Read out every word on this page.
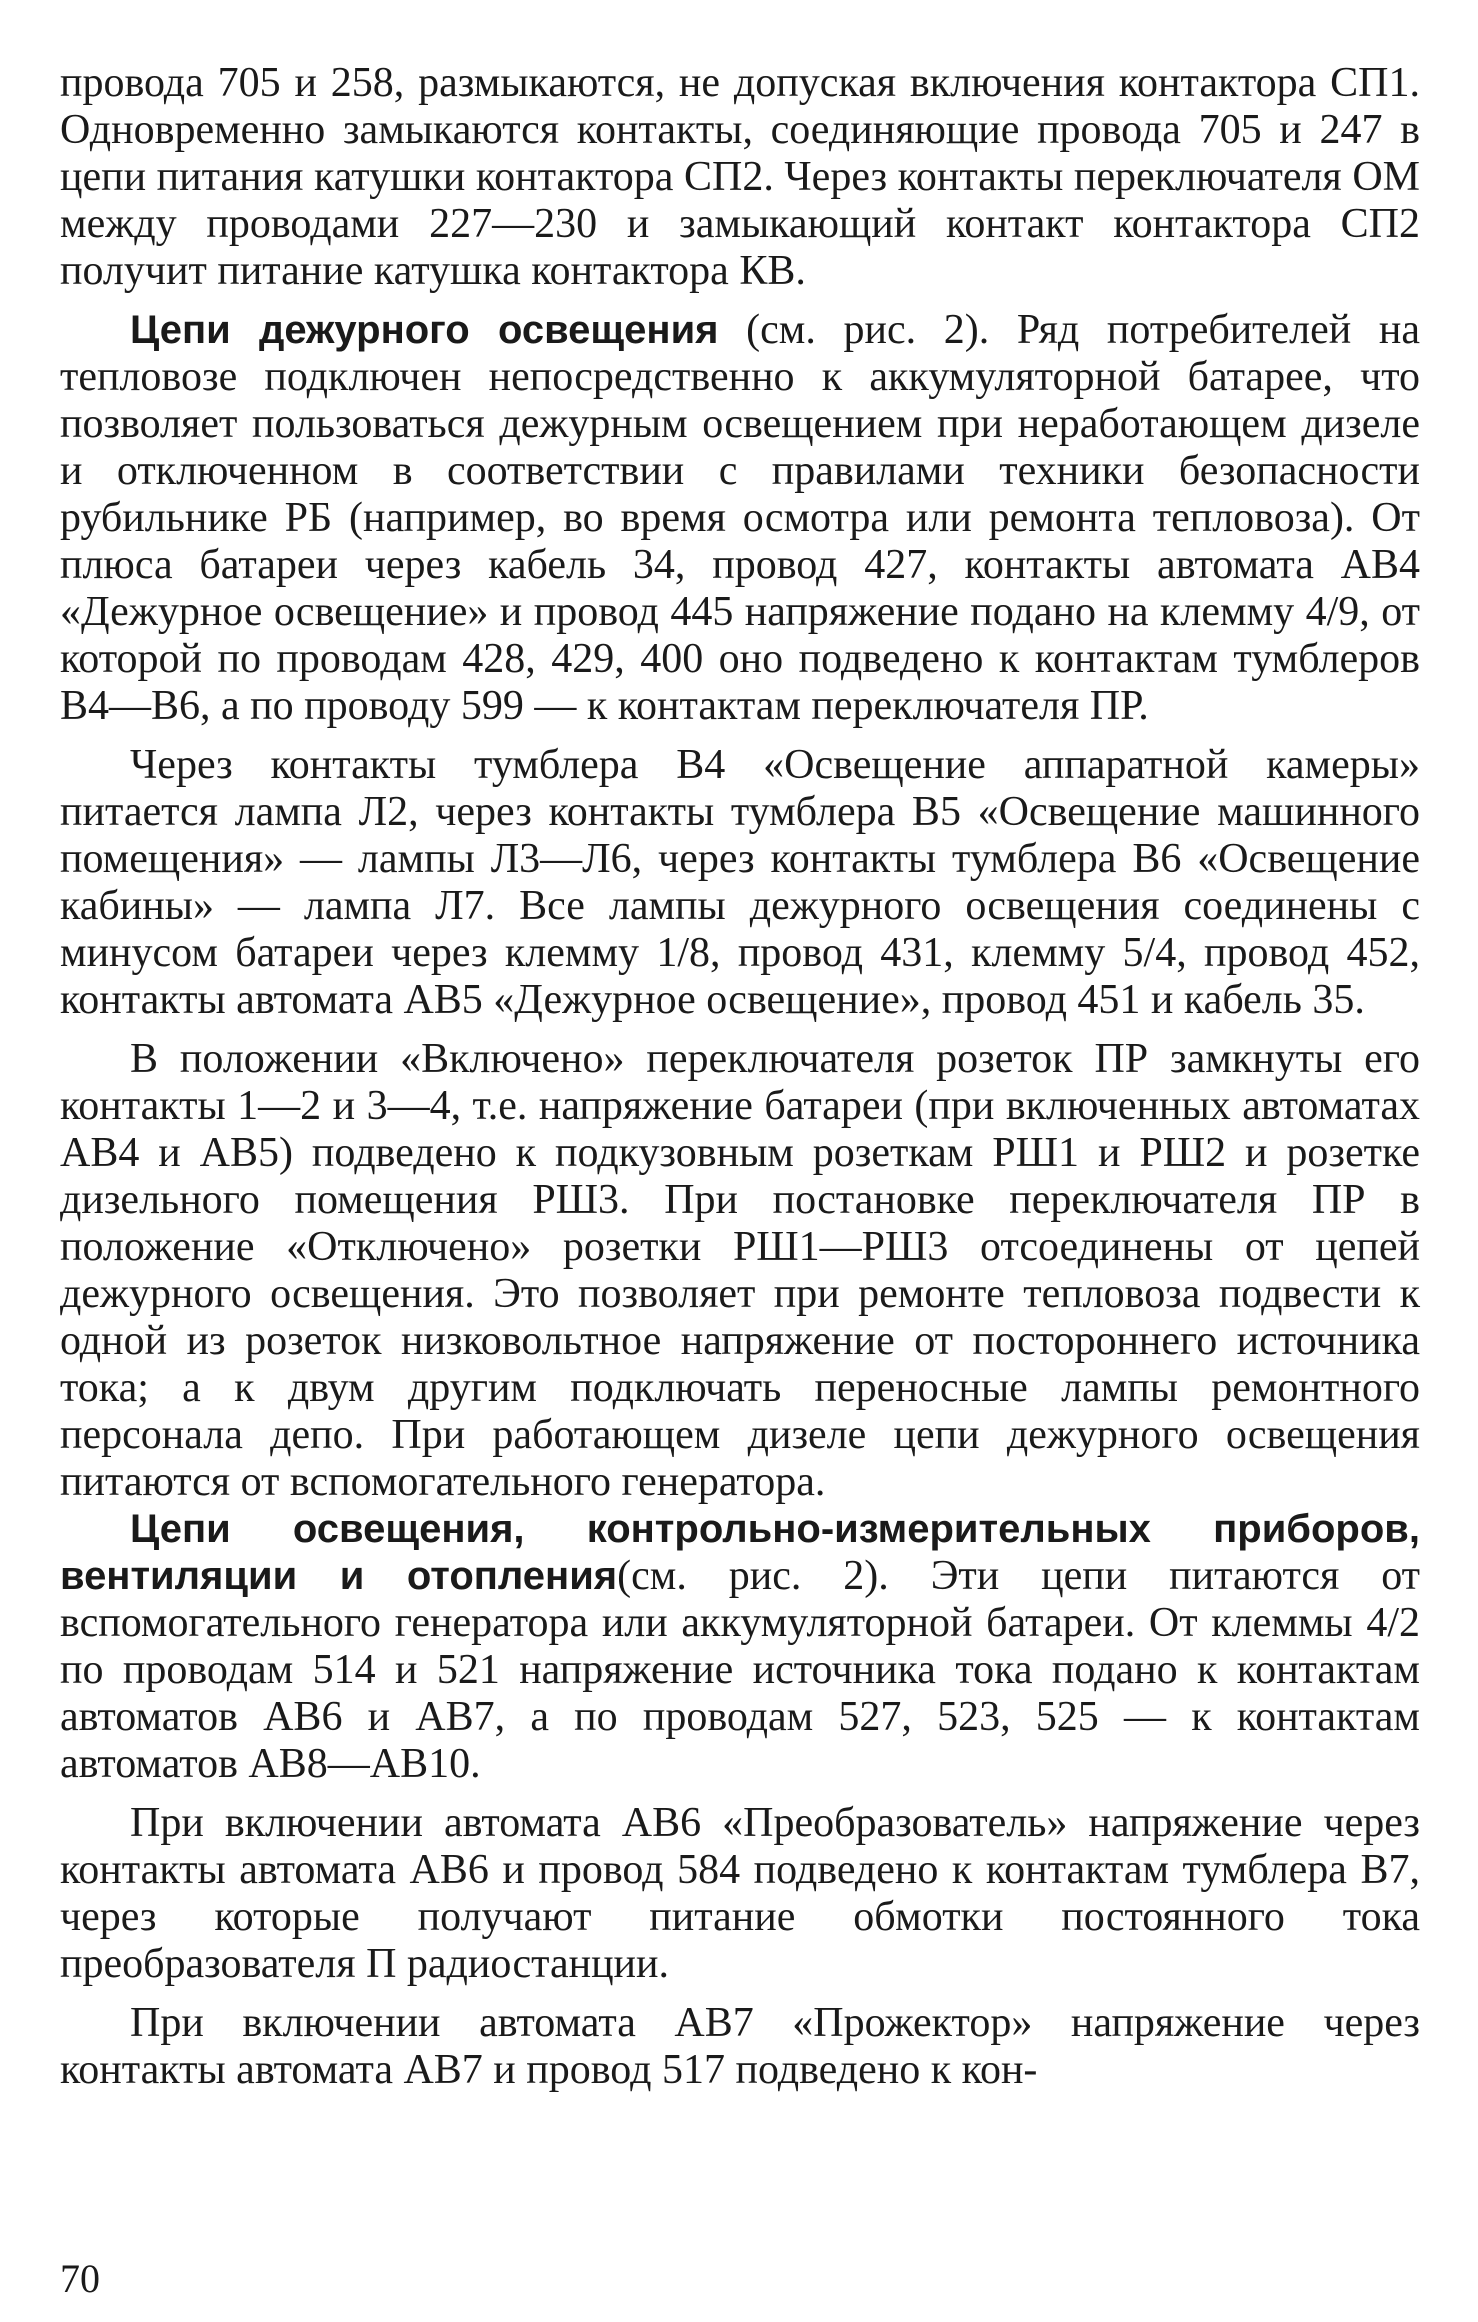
провода 705 и 258, размыкаются, не допуская включения контактора СП1. Одновременно замыкаются контакты, соединяющие провода 705 и 247 в цепи питания катушки контактора СП2. Через контакты переключателя ОМ между проводами 227—230 и замыкающий контакт контактора СП2 получит питание катушка контактора КВ.

Цепи дежурного освещения (см. рис. 2). Ряд потребителей на тепловозе подключен непосредственно к аккумуляторной батарее, что позволяет пользоваться дежурным освещением при неработающем дизеле и отключенном в соответствии с правилами техники безопасности рубильнике РБ (например, во время осмотра или ремонта тепловоза). От плюса батареи через кабель 34, провод 427, контакты автомата АВ4 «Дежурное освещение» и провод 445 напряжение подано на клемму 4/9, от которой по проводам 428, 429, 400 оно подведено к контактам тумблеров В4—В6, а по проводу 599 — к контактам переключателя ПР.

Через контакты тумблера В4 «Освещение аппаратной камеры» питается лампа Л2, через контакты тумблера В5 «Освещение машинного помещения» — лампы Л3—Л6, через контакты тумблера В6 «Освещение кабины» — лампа Л7. Все лампы дежурного освещения соединены с минусом батареи через клемму 1/8, провод 431, клемму 5/4, провод 452, контакты автомата АВ5 «Дежурное освещение», провод 451 и кабель 35.

В положении «Включено» переключателя розеток ПР замкнуты его контакты 1—2 и 3—4, т.е. напряжение батареи (при включенных автоматах АВ4 и АВ5) подведено к подкузовным розеткам РШ1 и РШ2 и розетке дизельного помещения РШ3. При постановке переключателя ПР в положение «Отключено» розетки РШ1—РШ3 отсоединены от цепей дежурного освещения. Это позволяет при ремонте тепловоза подвести к одной из розеток низковольтное напряжение от постороннего источника тока; а к двум другим подключать переносные лампы ремонтного персонала депо. При работающем дизеле цепи дежурного освещения питаются от вспомогательного генератора.

Цепи освещения, контрольно-измерительных приборов, вентиляции и отопления(см. рис. 2). Эти цепи питаются от вспомогательного генератора или аккумуляторной батареи. От клеммы 4/2 по проводам 514 и 521 напряжение источника тока подано к контактам автоматов АВ6 и АВ7, а по проводам 527, 523, 525 — к контактам автоматов АВ8—АВ10.

При включении автомата АВ6 «Преобразователь» напряжение через контакты автомата АВ6 и провод 584 подведено к контактам тумблера В7, через которые получают питание обмотки постоянного тока преобразователя П радиостанции.

При включении автомата АВ7 «Прожектор» напряжение через контакты автомата АВ7 и провод 517 подведено к кон-

70
